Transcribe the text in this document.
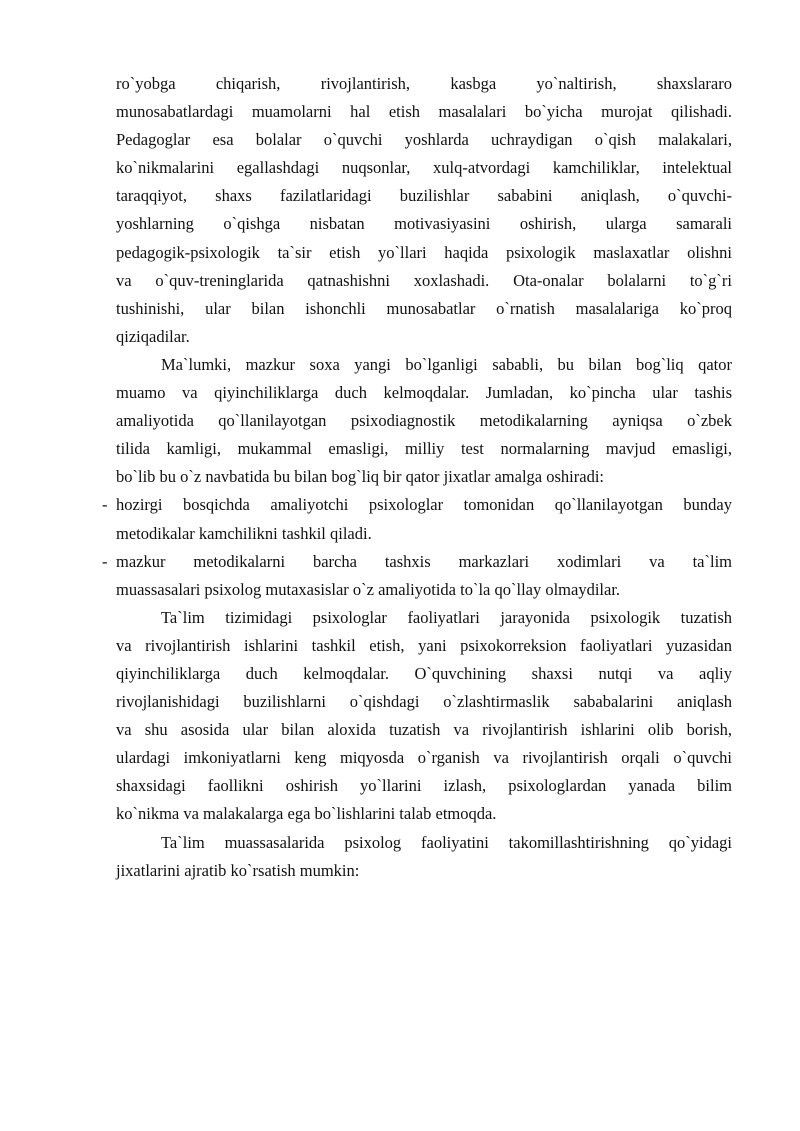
ro`yobga chiqarish, rivojlantirish, kasbga yo`naltirish, shaxslararo
munosabatlardagi muamolarni hal etish masalalari bo`yicha murojat qilishadi.
Pedagoglar esa bolalar o`quvchi yoshlarda uchraydigan o`qish malakalari,
ko`nikmalarini egallashdagi nuqsonlar, xulq-atvordagi kamchiliklar, intelektual
taraqqiyot, shaxs fazilatlaridagi buzilishlar sababini aniqlash, o`quvchi-
yoshlarning o`qishga nisbatan motivasiyasini oshirish, ularga samarali
pedagogik-psixologik ta`sir etish yo`llari haqida psixologik maslaxatlar olishni
va o`quv-treninglarida qatnashishni xoxlashadi. Ota-onalar bolalarni to`g`ri
tushinishi, ular bilan ishonchli munosabatlar o`rnatish masalalariga ko`proq
qiziqadilar.
Ma`lumki, mazkur soxa yangi bo`lganligi sababli, bu bilan bog`liq qator
muamo va qiyinchiliklarga duch kelmoqdalar. Jumladan, ko`pincha ular tashis
amaliyotida qo`llanilayotgan psixodiagnostik metodikalarning ayniqsa o`zbek
tilida kamligi, mukammal emasligi, milliy test normalarning mavjud emasligi,
bo`lib bu o`z navbatida bu bilan bog`liq bir qator jixatlar amalga oshiradi:
- hozirgi bosqichda amaliyotchi psixologlar tomonidan qo`llanilayotgan bunday
metodikalar kamchilikni tashkil qiladi.
- mazkur metodikalarni barcha tashxis markazlari xodimlari va ta`lim
muassasalari psixolog mutaxasislar o`z amaliyotida to`la qo`llay olmaydilar.
Ta`lim tizimidagi psixologlar faoliyatlari jarayonida psixologik tuzatish
va rivojlantirish ishlarini tashkil etish, yani psixokorreksion faoliyatlari yuzasidan
qiyinchiliklarga duch kelmoqdalar. O`quvchining shaxsi nutqi va aqliy
rivojlanishidagi buzilishlarni o`qishdagi o`zlashtirmaslik sababalarini aniqlash
va shu asosida ular bilan aloxida tuzatish va rivojlantirish ishlarini olib borish,
ulardagi imkoniyatlarni keng miqyosda o`rganish va rivojlantirish orqali o`quvchi
shaxsidagi faollikni oshirish yo`llarini izlash, psixologlardan yanada bilim
ko`nikma va malakalarga ega bo`lishlarini talab etmoqda.
Ta`lim muassasalarida psixolog faoliyatini takomillashtirishning qo`yidagi
jixatlarini ajratib ko`rsatish mumkin:
